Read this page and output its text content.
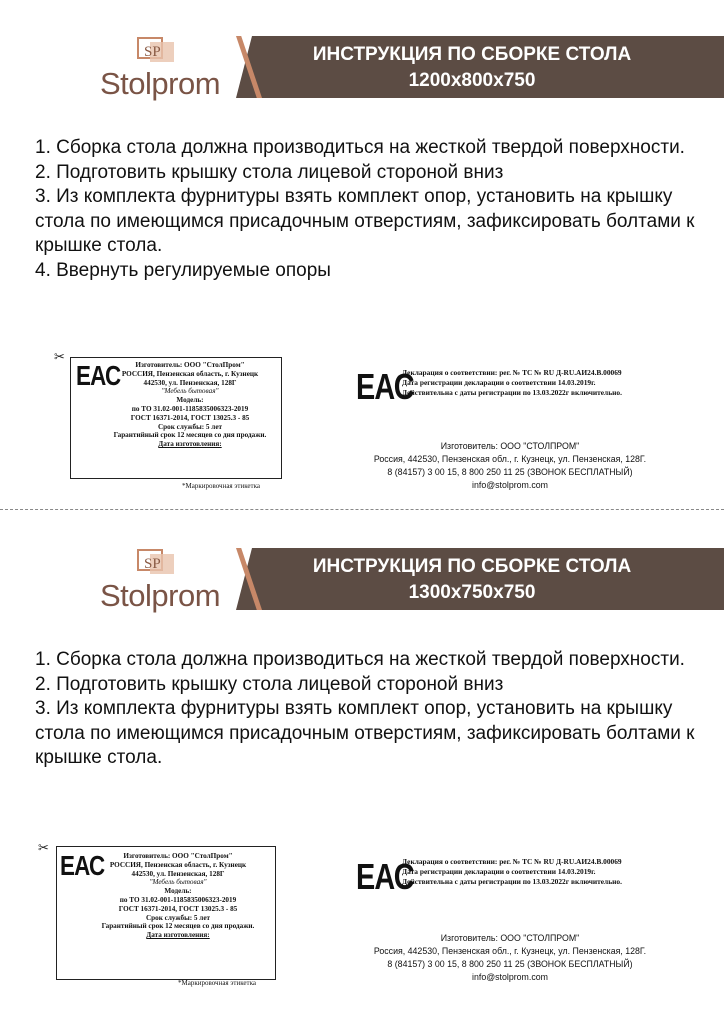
SP
Stolprom
ИНСТРУКЦИЯ ПО СБОРКЕ СТОЛА
1200х800х750
1. Сборка стола должна производиться на жесткой твердой поверхности.
2. Подготовить крышку стола лицевой стороной вниз
3. Из комплекта фурнитуры взять комплект опор, установить на крышку стола по имеющимся присадочным отверстиям, зафиксировать болтами к крышке стола.
4. Ввернуть регулируемые опоры
✂
ЕАС	Изготовитель: ООО "СтолПром"
РОССИЯ, Пензенская область, г. Кузнецк
442530, ул. Пензенская, 128Г
"Мебель бытовая"
Модель:
по ТО 31.02-001-1185835006323-2019
ГОСТ 16371-2014, ГОСТ 13025.3 - 85
Срок службы: 5 лет
Гарантийный срок 12 месяцев со дня продажи.
Дата изготовления:
*Маркировочная этикетка
ЕАС
Декларация о соответствии: рег. № ТС № RU Д-RU.АИ24.В.00069
Дата регистрации декларации о соответствии 14.03.2019г.
Действительна с даты регистрации по 13.03.2022г включительно.
Изготовитель: ООО "СТОЛПРОМ"
Россия, 442530, Пензенская обл., г. Кузнецк, ул. Пензенская, 128Г.
8 (84157) 3 00 15, 8 800 250 11 25 (ЗВОНОК БЕСПЛАТНЫЙ)
info@stolprom.com
SP
Stolprom
ИНСТРУКЦИЯ ПО СБОРКЕ СТОЛА
1300х750х750
1. Сборка стола должна производиться на жесткой твердой поверхности.
2. Подготовить крышку стола лицевой стороной вниз
3. Из комплекта фурнитуры взять комплект опор, установить на крышку стола по имеющимся присадочным отверстиям, зафиксировать болтами к крышке стола.
✂
ЕАС	Изготовитель: ООО "СтолПром"
РОССИЯ, Пензенская область, г. Кузнецк
442530, ул. Пензенская, 128Г
"Мебель бытовая"
Модель:
по ТО 31.02-001-1185835006323-2019
ГОСТ 16371-2014, ГОСТ 13025.3 - 85
Срок службы: 5 лет
Гарантийный срок 12 месяцев со дня продажи.
Дата изготовления:
*Маркировочная этикетка
ЕАС
Декларация о соответствии: рег. № ТС № RU Д-RU.АИ24.В.00069
Дата регистрации декларации о соответствии 14.03.2019г.
Действительна с даты регистрации по 13.03.2022г включительно.
Изготовитель: ООО "СТОЛПРОМ"
Россия, 442530, Пензенская обл., г. Кузнецк, ул. Пензенская, 128Г.
8 (84157) 3 00 15, 8 800 250 11 25 (ЗВОНОК БЕСПЛАТНЫЙ)
info@stolprom.com
